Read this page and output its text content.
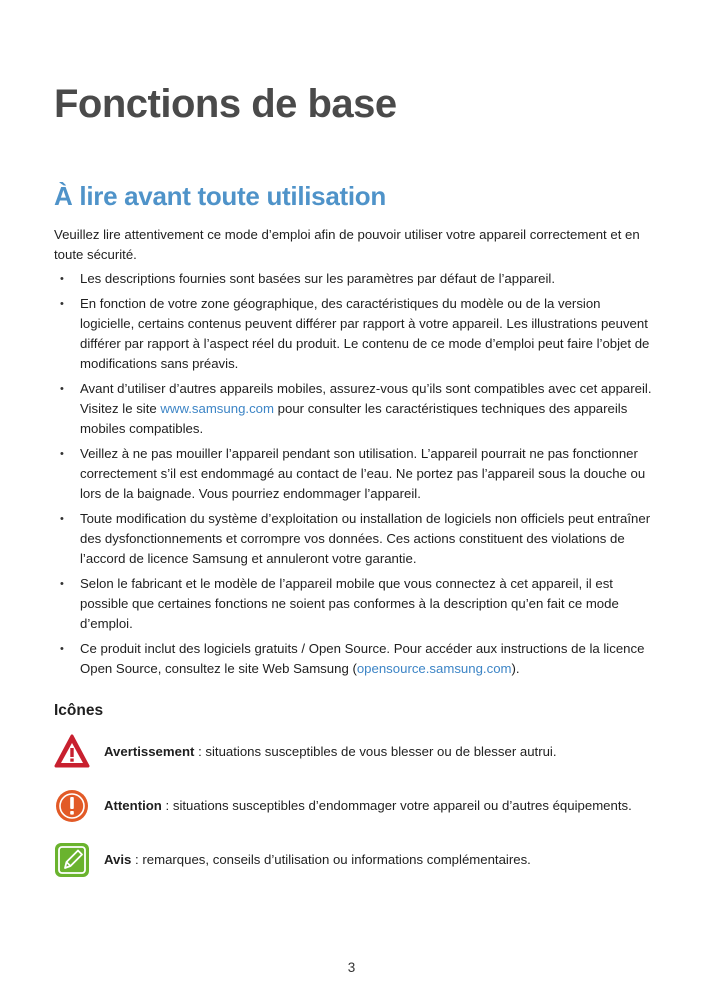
Fonctions de base
À lire avant toute utilisation

Veuillez lire attentivement ce mode d’emploi afin de pouvoir utiliser votre appareil correctement et en toute sécurité.

• Les descriptions fournies sont basées sur les paramètres par défaut de l’appareil.
• En fonction de votre zone géographique, des caractéristiques du modèle ou de la version logicielle, certains contenus peuvent différer par rapport à votre appareil. Les illustrations peuvent différer par rapport à l’aspect réel du produit. Le contenu de ce mode d’emploi peut faire l’objet de modifications sans préavis.
• Avant d’utiliser d’autres appareils mobiles, assurez-vous qu’ils sont compatibles avec cet appareil. Visitez le site www.samsung.com pour consulter les caractéristiques techniques des appareils mobiles compatibles.
• Veillez à ne pas mouiller l’appareil pendant son utilisation. L’appareil pourrait ne pas fonctionner correctement s’il est endommagé au contact de l’eau. Ne portez pas l’appareil sous la douche ou lors de la baignade. Vous pourriez endommager l’appareil.
• Toute modification du système d’exploitation ou installation de logiciels non officiels peut entraîner des dysfonctionnements et corrompre vos données. Ces actions constituent des violations de l’accord de licence Samsung et annuleront votre garantie.
• Selon le fabricant et le modèle de l’appareil mobile que vous connectez à cet appareil, il est possible que certaines fonctions ne soient pas conformes à la description qu’en fait ce mode d’emploi.
• Ce produit inclut des logiciels gratuits / Open Source. Pour accéder aux instructions de la licence Open Source, consultez le site Web Samsung (opensource.samsung.com).
Icônes
Avertissement : situations susceptibles de vous blesser ou de blesser autrui.
Attention : situations susceptibles d’endommager votre appareil ou d’autres équipements.
Avis : remarques, conseils d’utilisation ou informations complémentaires.
3
